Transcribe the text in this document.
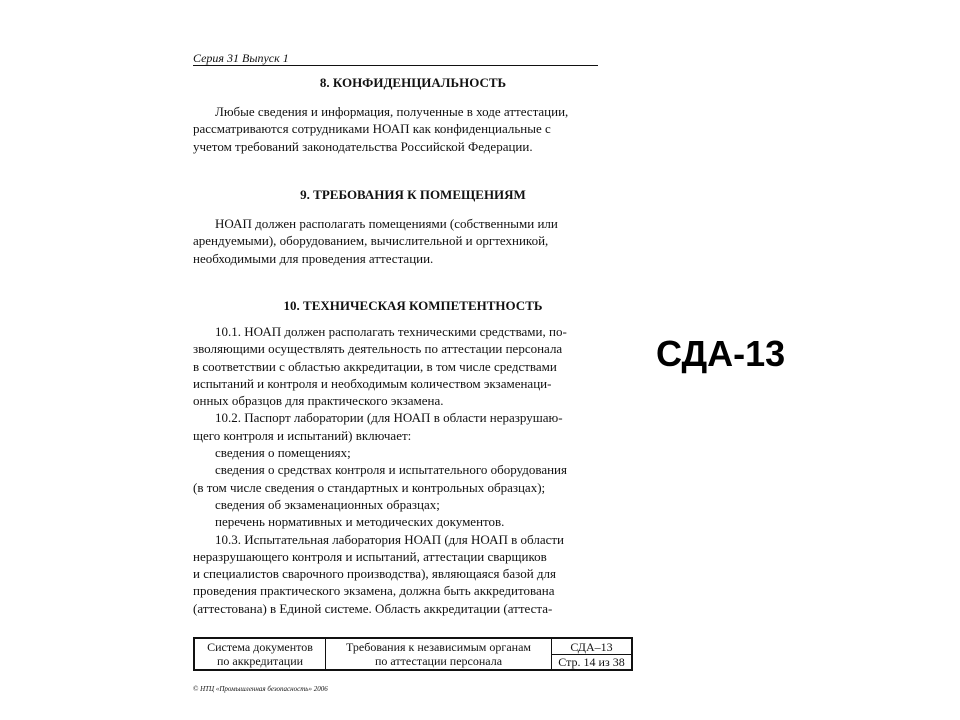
Серия 31 Выпуск 1
8. КОНФИДЕНЦИАЛЬНОСТЬ
Любые сведения и информация, полученные в ходе аттестации,
рассматриваются сотрудниками НОАП как конфиденциальные с
учетом требований законодательства Российской Федерации.
9. ТРЕБОВАНИЯ К ПОМЕЩЕНИЯМ
НОАП должен располагать помещениями (собственными или
арендуемыми), оборудованием, вычислительной и оргтехникой,
необходимыми для проведения аттестации.
10. ТЕХНИЧЕСКАЯ КОМПЕТЕНТНОСТЬ
10.1. НОАП должен располагать техническими средствами, по-
зволяющими осуществлять деятельность по аттестации персонала
в соответствии с областью аккредитации, в том числе средствами
испытаний и контроля и необходимым количеством экзаменаци-
онных образцов для практического экзамена.
10.2. Паспорт лаборатории (для НОАП в области неразрушаю-
щего контроля и испытаний) включает:
сведения о помещениях;
сведения о средствах контроля и испытательного оборудования
(в том числе сведения о стандартных и контрольных образцах);
сведения об экзаменационных образцах;
перечень нормативных и методических документов.
10.3. Испытательная лаборатория НОАП (для НОАП в области
неразрушающего контроля и испытаний, аттестации сварщиков
и специалистов сварочного производства), являющаяся базой для
проведения практического экзамена, должна быть аккредитована
(аттестована) в Единой системе. Область аккредитации (аттеста-
Система документов
по аккредитации
Требования к независимым органам
по аттестации персонала
СДА–13
Стр. 14 из 38
© НТЦ «Промышленная безопасность» 2006
СДА-13
